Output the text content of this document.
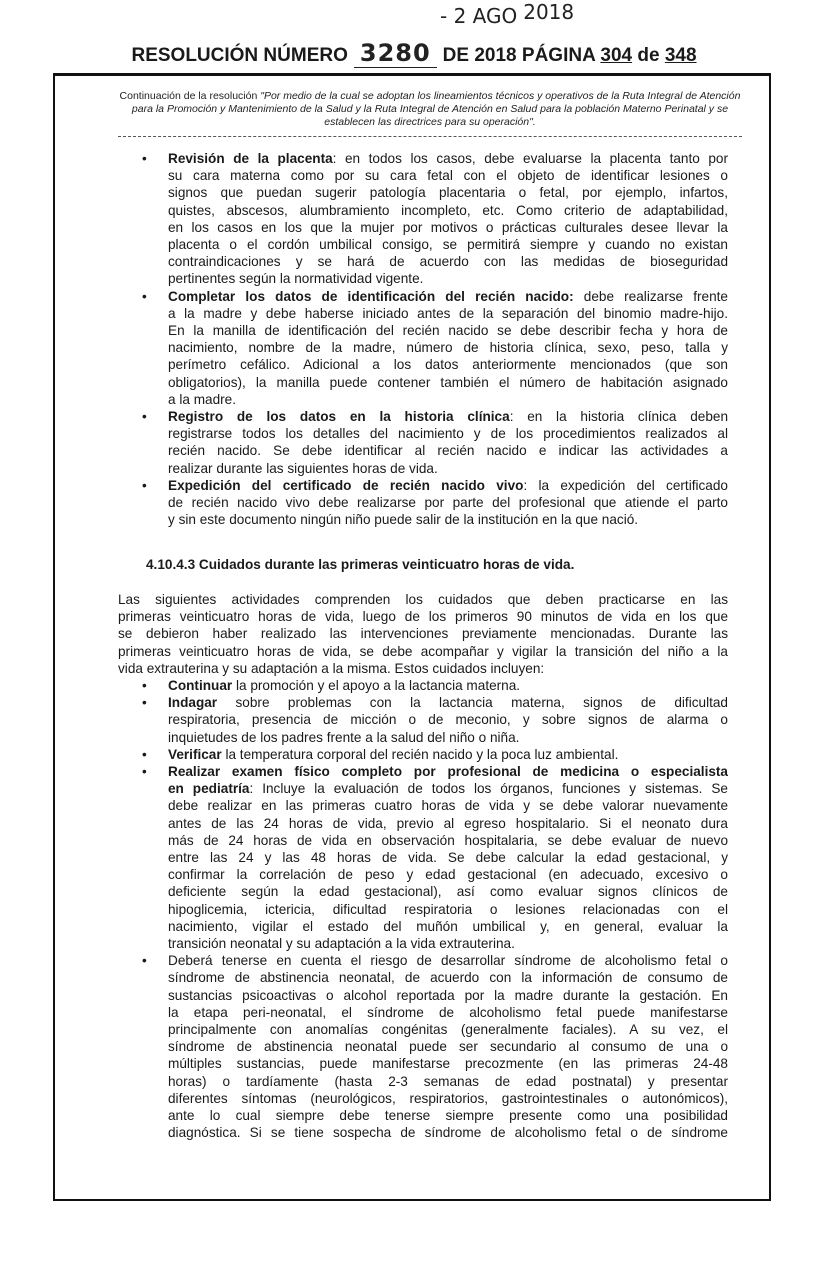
- 2 AGO 2018
RESOLUCIÓN NÚMERO 3280 DE 2018 PÁGINA 304 de 348
Continuación de la resolución "Por medio de la cual se adoptan los lineamientos técnicos y operativos de la Ruta Integral de Atención para la Promoción y Mantenimiento de la Salud y la Ruta Integral de Atención en Salud para la población Materno Perinatal y se establecen las directrices para su operación".
• Revisión de la placenta: en todos los casos, debe evaluarse la placenta tanto por
su cara materna como por su cara fetal con el objeto de identificar lesiones o
signos que puedan sugerir patología placentaria o fetal, por ejemplo, infartos,
quistes, abscesos, alumbramiento incompleto, etc. Como criterio de adaptabilidad,
en los casos en los que la mujer por motivos o prácticas culturales desee llevar la
placenta o el cordón umbilical consigo, se permitirá siempre y cuando no existan
contraindicaciones y se hará de acuerdo con las medidas de bioseguridad
pertinentes según la normatividad vigente.
• Completar los datos de identificación del recién nacido: debe realizarse frente
a la madre y debe haberse iniciado antes de la separación del binomio madre-hijo.
En la manilla de identificación del recién nacido se debe describir fecha y hora de
nacimiento, nombre de la madre, número de historia clínica, sexo, peso, talla y
perímetro cefálico. Adicional a los datos anteriormente mencionados (que son
obligatorios), la manilla puede contener también el número de habitación asignado
a la madre.
• Registro de los datos en la historia clínica: en la historia clínica deben
registrarse todos los detalles del nacimiento y de los procedimientos realizados al
recién nacido. Se debe identificar al recién nacido e indicar las actividades a
realizar durante las siguientes horas de vida.
• Expedición del certificado de recién nacido vivo: la expedición del certificado
de recién nacido vivo debe realizarse por parte del profesional que atiende el parto
y sin este documento ningún niño puede salir de la institución en la que nació.
4.10.4.3 Cuidados durante las primeras veinticuatro horas de vida.
Las siguientes actividades comprenden los cuidados que deben practicarse en las
primeras veinticuatro horas de vida, luego de los primeros 90 minutos de vida en los que
se debieron haber realizado las intervenciones previamente mencionadas. Durante las
primeras veinticuatro horas de vida, se debe acompañar y vigilar la transición del niño a la
vida extrauterina y su adaptación a la misma. Estos cuidados incluyen:
• Continuar la promoción y el apoyo a la lactancia materna.
• Indagar sobre problemas con la lactancia materna, signos de dificultad
respiratoria, presencia de micción o de meconio, y sobre signos de alarma o
inquietudes de los padres frente a la salud del niño o niña.
• Verificar la temperatura corporal del recién nacido y la poca luz ambiental.
• Realizar examen físico completo por profesional de medicina o especialista
en pediatría: Incluye la evaluación de todos los órganos, funciones y sistemas. Se
debe realizar en las primeras cuatro horas de vida y se debe valorar nuevamente
antes de las 24 horas de vida, previo al egreso hospitalario. Si el neonato dura
más de 24 horas de vida en observación hospitalaria, se debe evaluar de nuevo
entre las 24 y las 48 horas de vida. Se debe calcular la edad gestacional, y
confirmar la correlación de peso y edad gestacional (en adecuado, excesivo o
deficiente según la edad gestacional), así como evaluar signos clínicos de
hipoglicemia, ictericia, dificultad respiratoria o lesiones relacionadas con el
nacimiento, vigilar el estado del muñón umbilical y, en general, evaluar la
transición neonatal y su adaptación a la vida extrauterina.
• Deberá tenerse en cuenta el riesgo de desarrollar síndrome de alcoholismo fetal o
síndrome de abstinencia neonatal, de acuerdo con la información de consumo de
sustancias psicoactivas o alcohol reportada por la madre durante la gestación. En
la etapa peri-neonatal, el síndrome de alcoholismo fetal puede manifestarse
principalmente con anomalías congénitas (generalmente faciales). A su vez, el
síndrome de abstinencia neonatal puede ser secundario al consumo de una o
múltiples sustancias, puede manifestarse precozmente (en las primeras 24-48
horas) o tardíamente (hasta 2-3 semanas de edad postnatal) y presentar
diferentes síntomas (neurológicos, respiratorios, gastrointestinales o autonómicos),
ante lo cual siempre debe tenerse siempre presente como una posibilidad
diagnóstica. Si se tiene sospecha de síndrome de alcoholismo fetal o de síndrome
